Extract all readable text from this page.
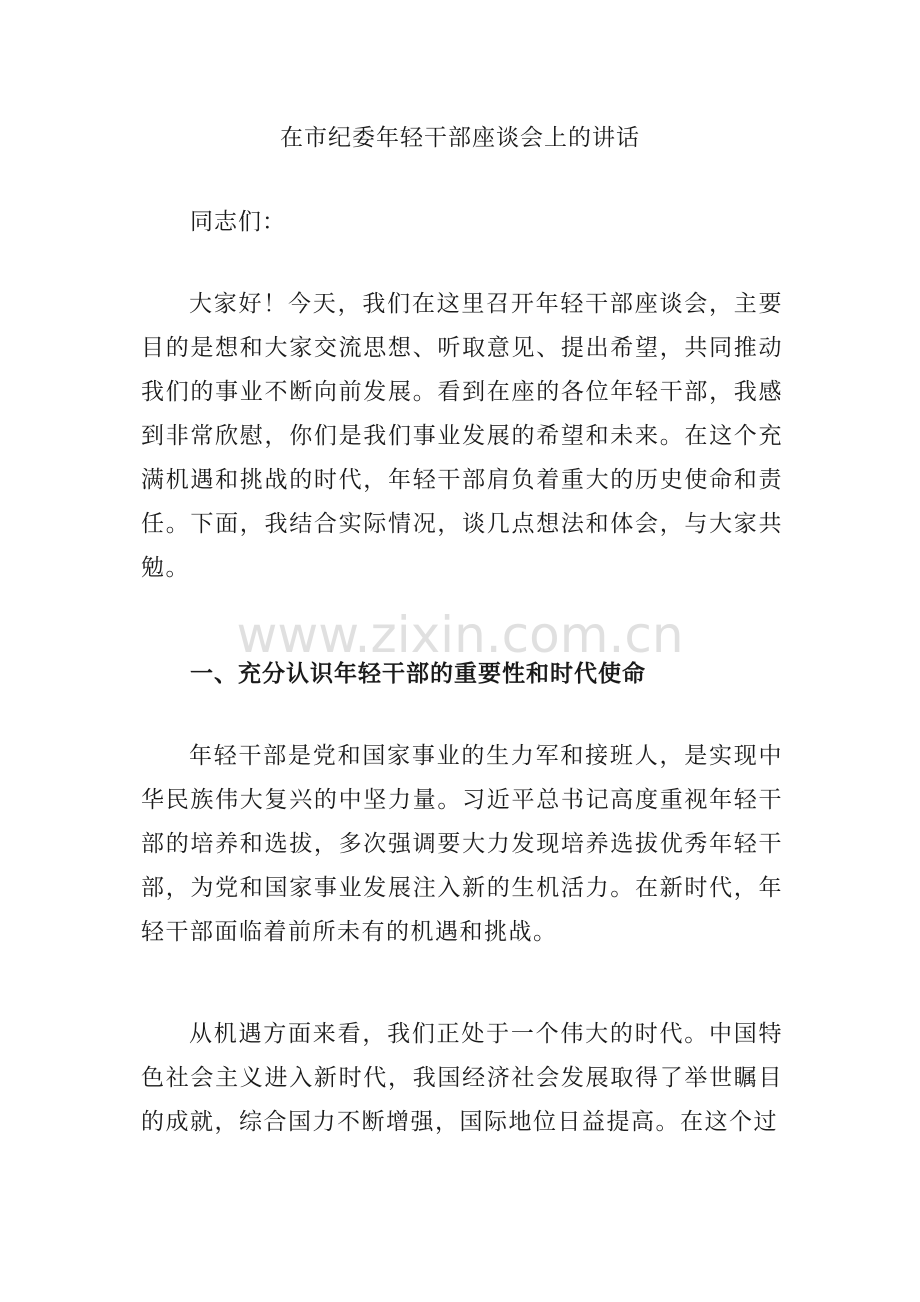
在市纪委年轻干部座谈会上的讲话

同志们：

大家好！今天，我们在这里召开年轻干部座谈会，主要目的是想和大家交流思想、听取意见、提出希望，共同推动我们的事业不断向前发展。看到在座的各位年轻干部，我感到非常欣慰，你们是我们事业发展的希望和未来。在这个充满机遇和挑战的时代，年轻干部肩负着重大的历史使命和责任。下面，我结合实际情况，谈几点想法和体会，与大家共勉。

www.zixin.com.cn
一、充分认识年轻干部的重要性和时代使命

年轻干部是党和国家事业的生力军和接班人，是实现中华民族伟大复兴的中坚力量。习近平总书记高度重视年轻干部的培养和选拔，多次强调要大力发现培养选拔优秀年轻干部，为党和国家事业发展注入新的生机活力。在新时代，年轻干部面临着前所未有的机遇和挑战。

从机遇方面来看，我们正处于一个伟大的时代。中国特色社会主义进入新时代，我国经济社会发展取得了举世瞩目的成就，综合国力不断增强，国际地位日益提高。在这个过
